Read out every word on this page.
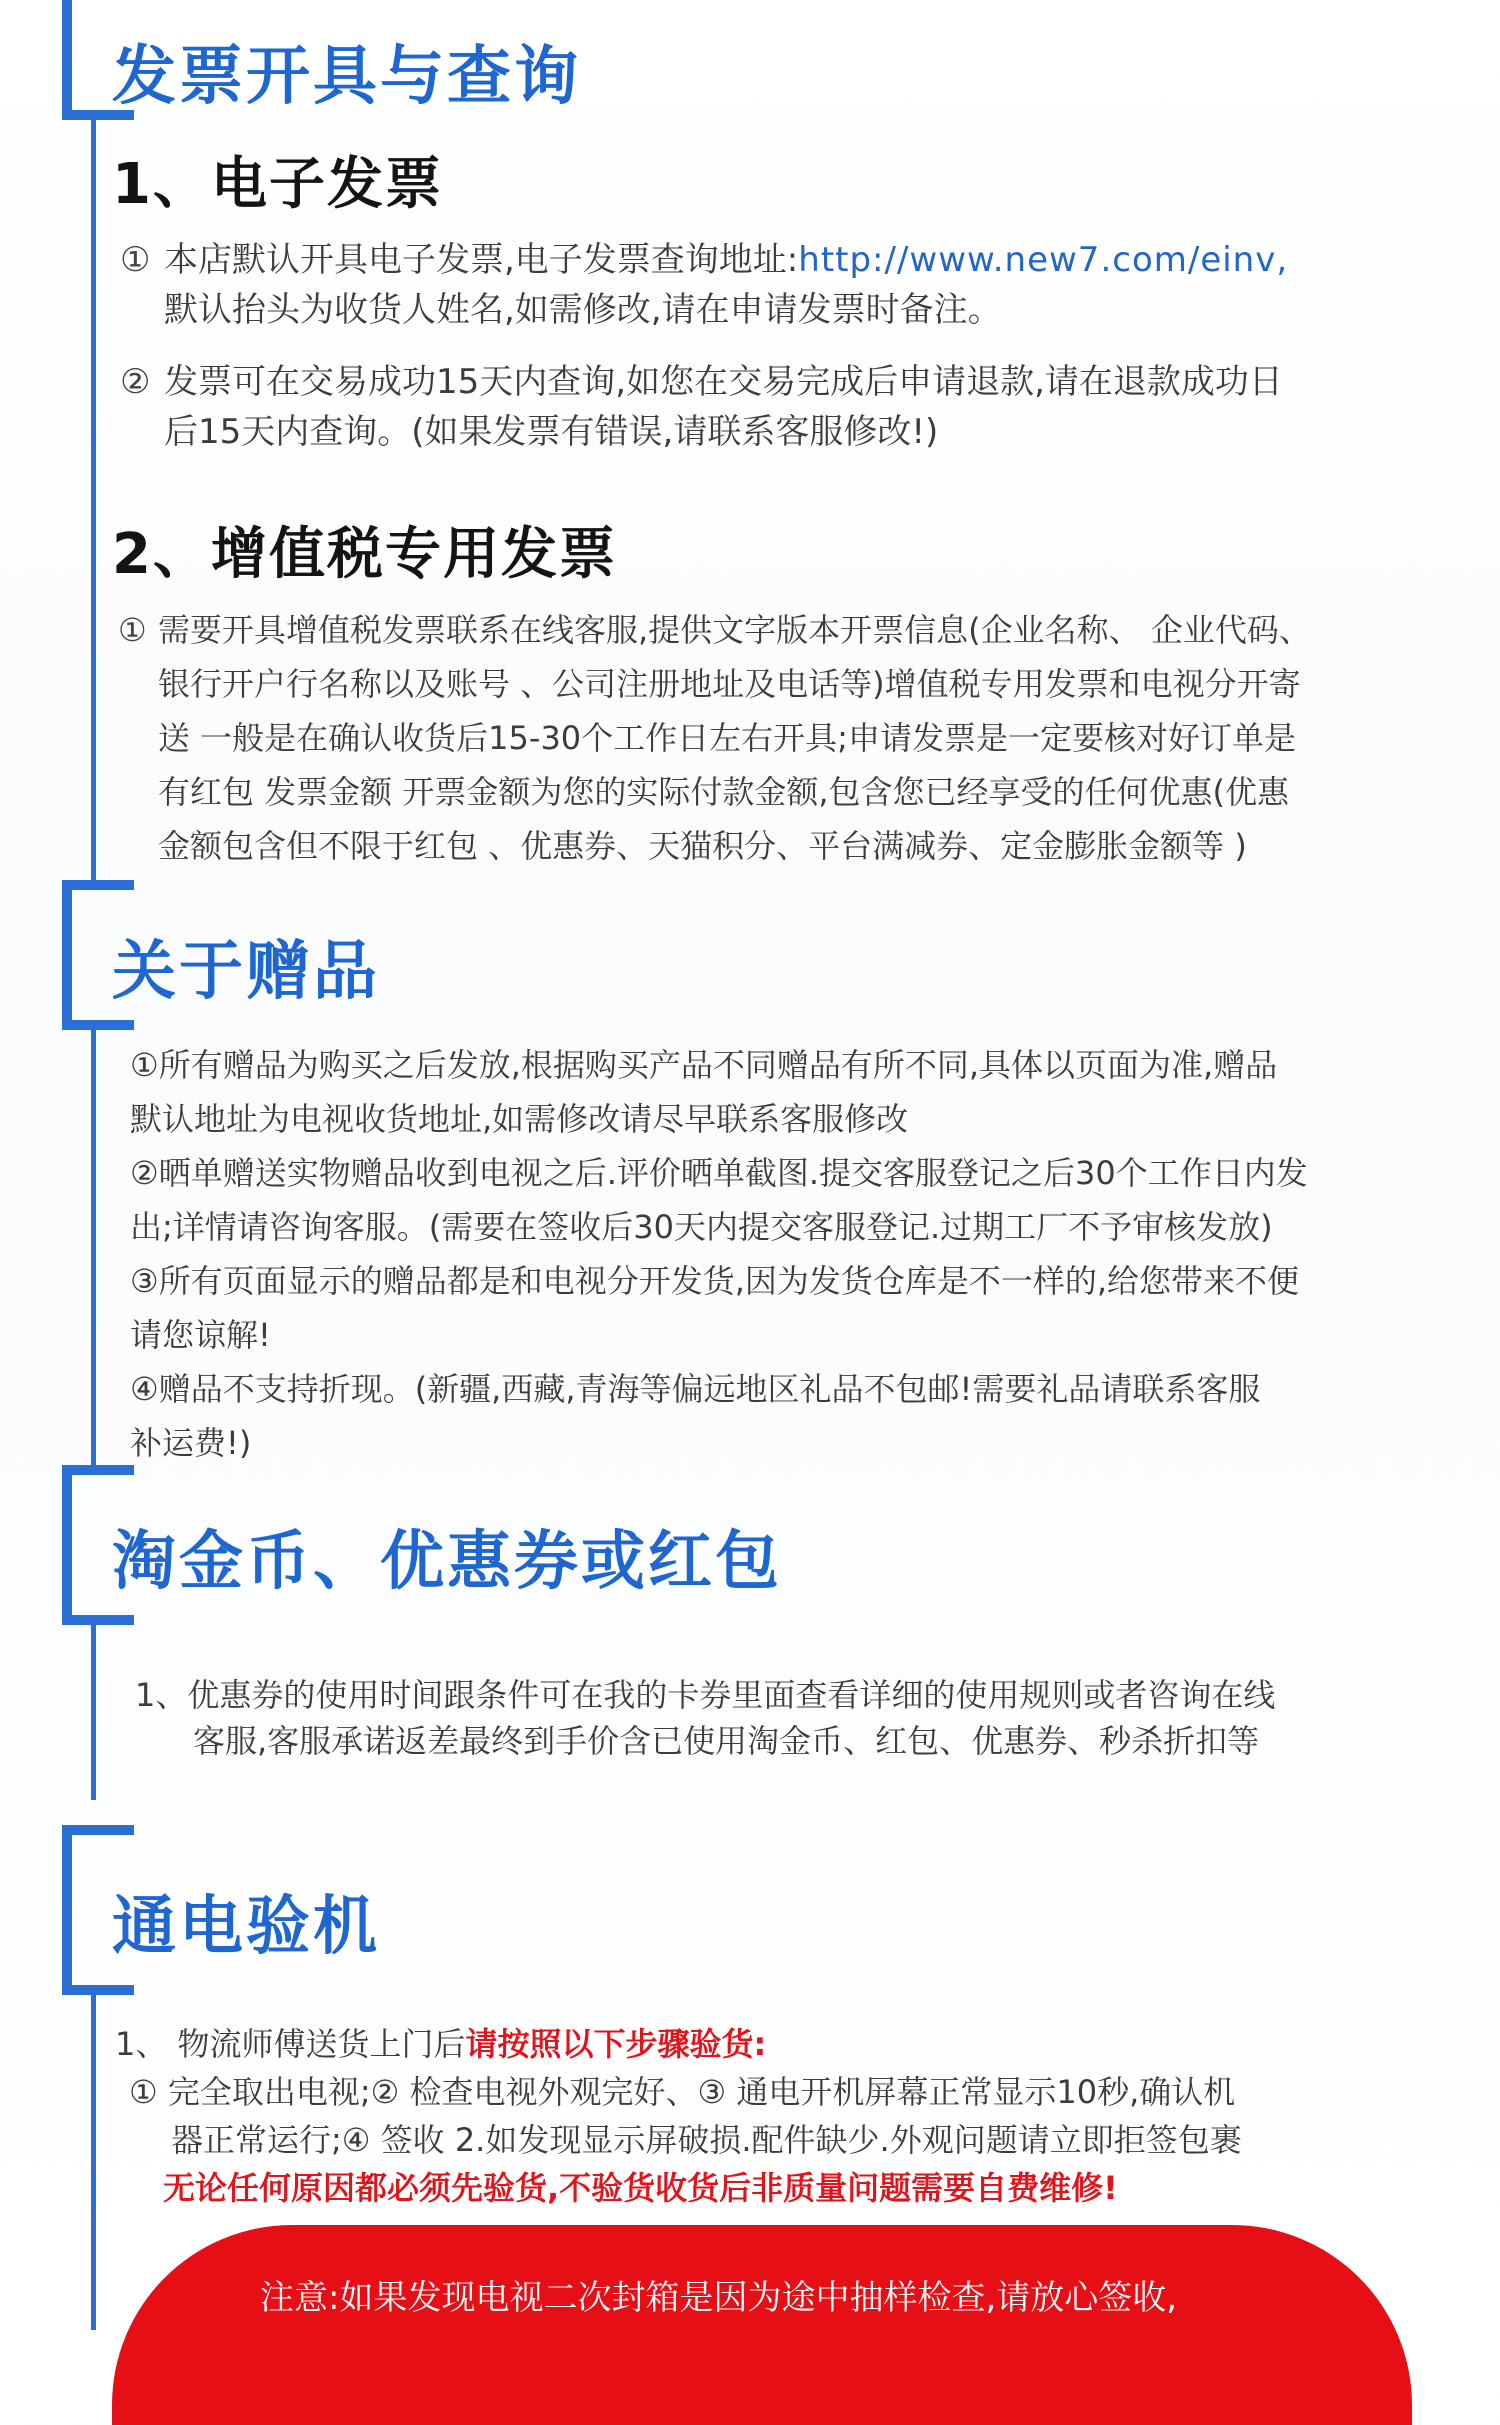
发票开具与查询
1、电子发票

① 本店默认开具电子发票,电子发票查询地址:http://www.new7.com/einv,
默认抬头为收货人姓名,如需修改,请在申请发票时备注。

② 发票可在交易成功15天内查询,如您在交易完成后申请退款,请在退款成功日
后15天内查询。(如果发票有错误,请联系客服修改!)

2、增值税专用发票

① 需要开具增值税发票联系在线客服,提供文字版本开票信息(企业名称、 企业代码、
银行开户行名称以及账号 、公司注册地址及电话等)增值税专用发票和电视分开寄
送 一般是在确认收货后15-30个工作日左右开具;申请发票是一定要核对好订单是
有红包 发票金额 开票金额为您的实际付款金额,包含您已经享受的任何优惠(优惠
金额包含但不限于红包 、优惠券、天猫积分、平台满减券、定金膨胀金额等 )

关于赠品

①所有赠品为购买之后发放,根据购买产品不同赠品有所不同,具体以页面为准,赠品
默认地址为电视收货地址,如需修改请尽早联系客服修改
②晒单赠送实物赠品收到电视之后.评价晒单截图.提交客服登记之后30个工作日内发
出;详情请咨询客服。(需要在签收后30天内提交客服登记.过期工厂不予审核发放)
③所有页面显示的赠品都是和电视分开发货,因为发货仓库是不一样的,给您带来不便
请您谅解!
④赠品不支持折现。(新疆,西藏,青海等偏远地区礼品不包邮!需要礼品请联系客服
补运费!)

淘金币、优惠券或红包

1、优惠券的使用时间跟条件可在我的卡券里面查看详细的使用规则或者咨询在线
客服,客服承诺返差最终到手价含已使用淘金币、红包、优惠券、秒杀折扣等

通电验机

1、 物流师傅送货上门后请按照以下步骤验货:
① 完全取出电视;② 检查电视外观完好、③ 通电开机屏幕正常显示10秒,确认机
器正常运行;④ 签收 2.如发现显示屏破损.配件缺少.外观问题请立即拒签包裹
无论任何原因都必须先验货,不验货收货后非质量问题需要自费维修!

注意:如果发现电视二次封箱是因为途中抽样检查,请放心签收,
